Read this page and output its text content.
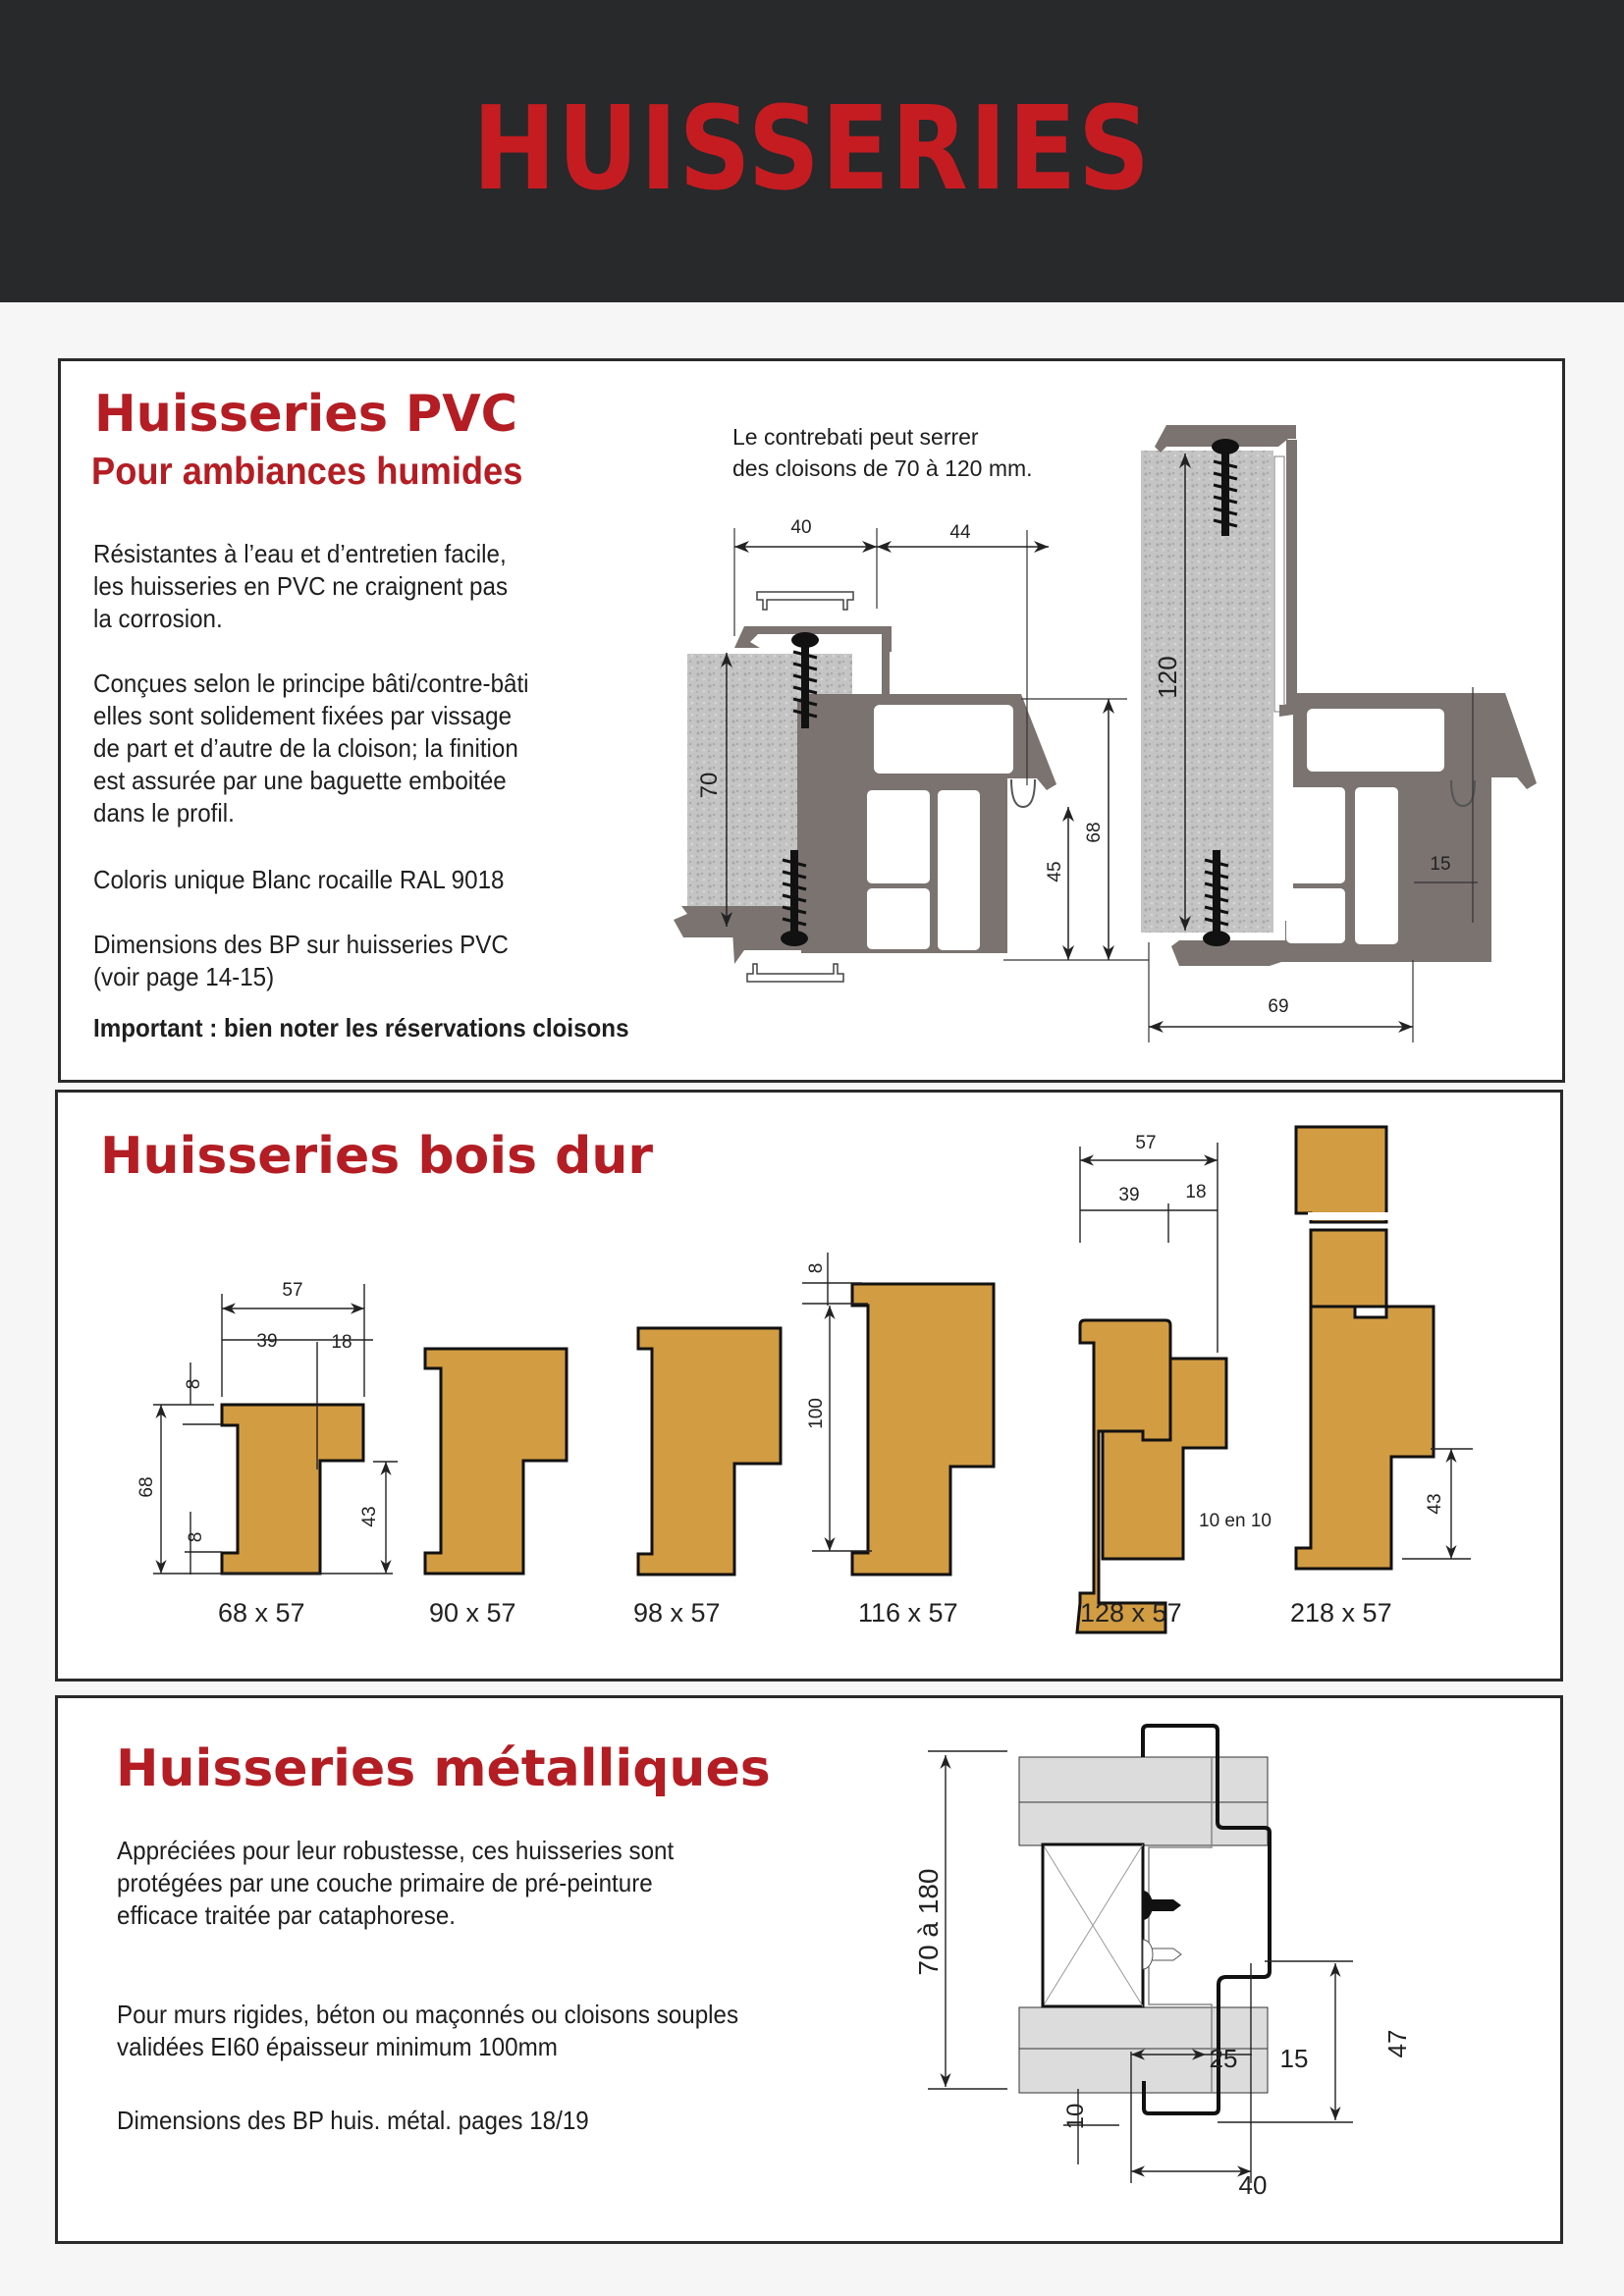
HUISSERIES
Huisseries PVC
Pour ambiances humides
Résistantes à l’eau et d’entretien facile,
les huisseries en PVC ne craignent pas
la corrosion.
Conçues selon le principe bâti/contre-bâti
elles sont solidement fixées par vissage
de part et d’autre de la cloison; la finition
est assurée par une baguette emboitée
dans le profil.
Coloris unique Blanc rocaille RAL 9018
Dimensions des BP sur huisseries PVC
(voir page 14-15)
Important : bien noter les réservations cloisons
Le contrebati peut serrer
des cloisons de 70 à 120 mm.
40	44
70
45
68
120
15
69
Huisseries bois dur
57
39	18
8
8
68
43
8
100
57
39 18
10 en 10
43
68 x 57	90 x 57	98 x 57	116 x 57	128 x 57	218 x 57
Huisseries métalliques
Appréciées pour leur robustesse, ces huisseries sont
protégées par une couche primaire de pré-peinture
efficace traitée par cataphorese.
Pour murs rigides, béton ou maçonnés ou cloisons souples
validées EI60 épaisseur minimum 100mm
Dimensions des BP huis. métal. pages 18/19
70 à 180
25 15	47
10
40
